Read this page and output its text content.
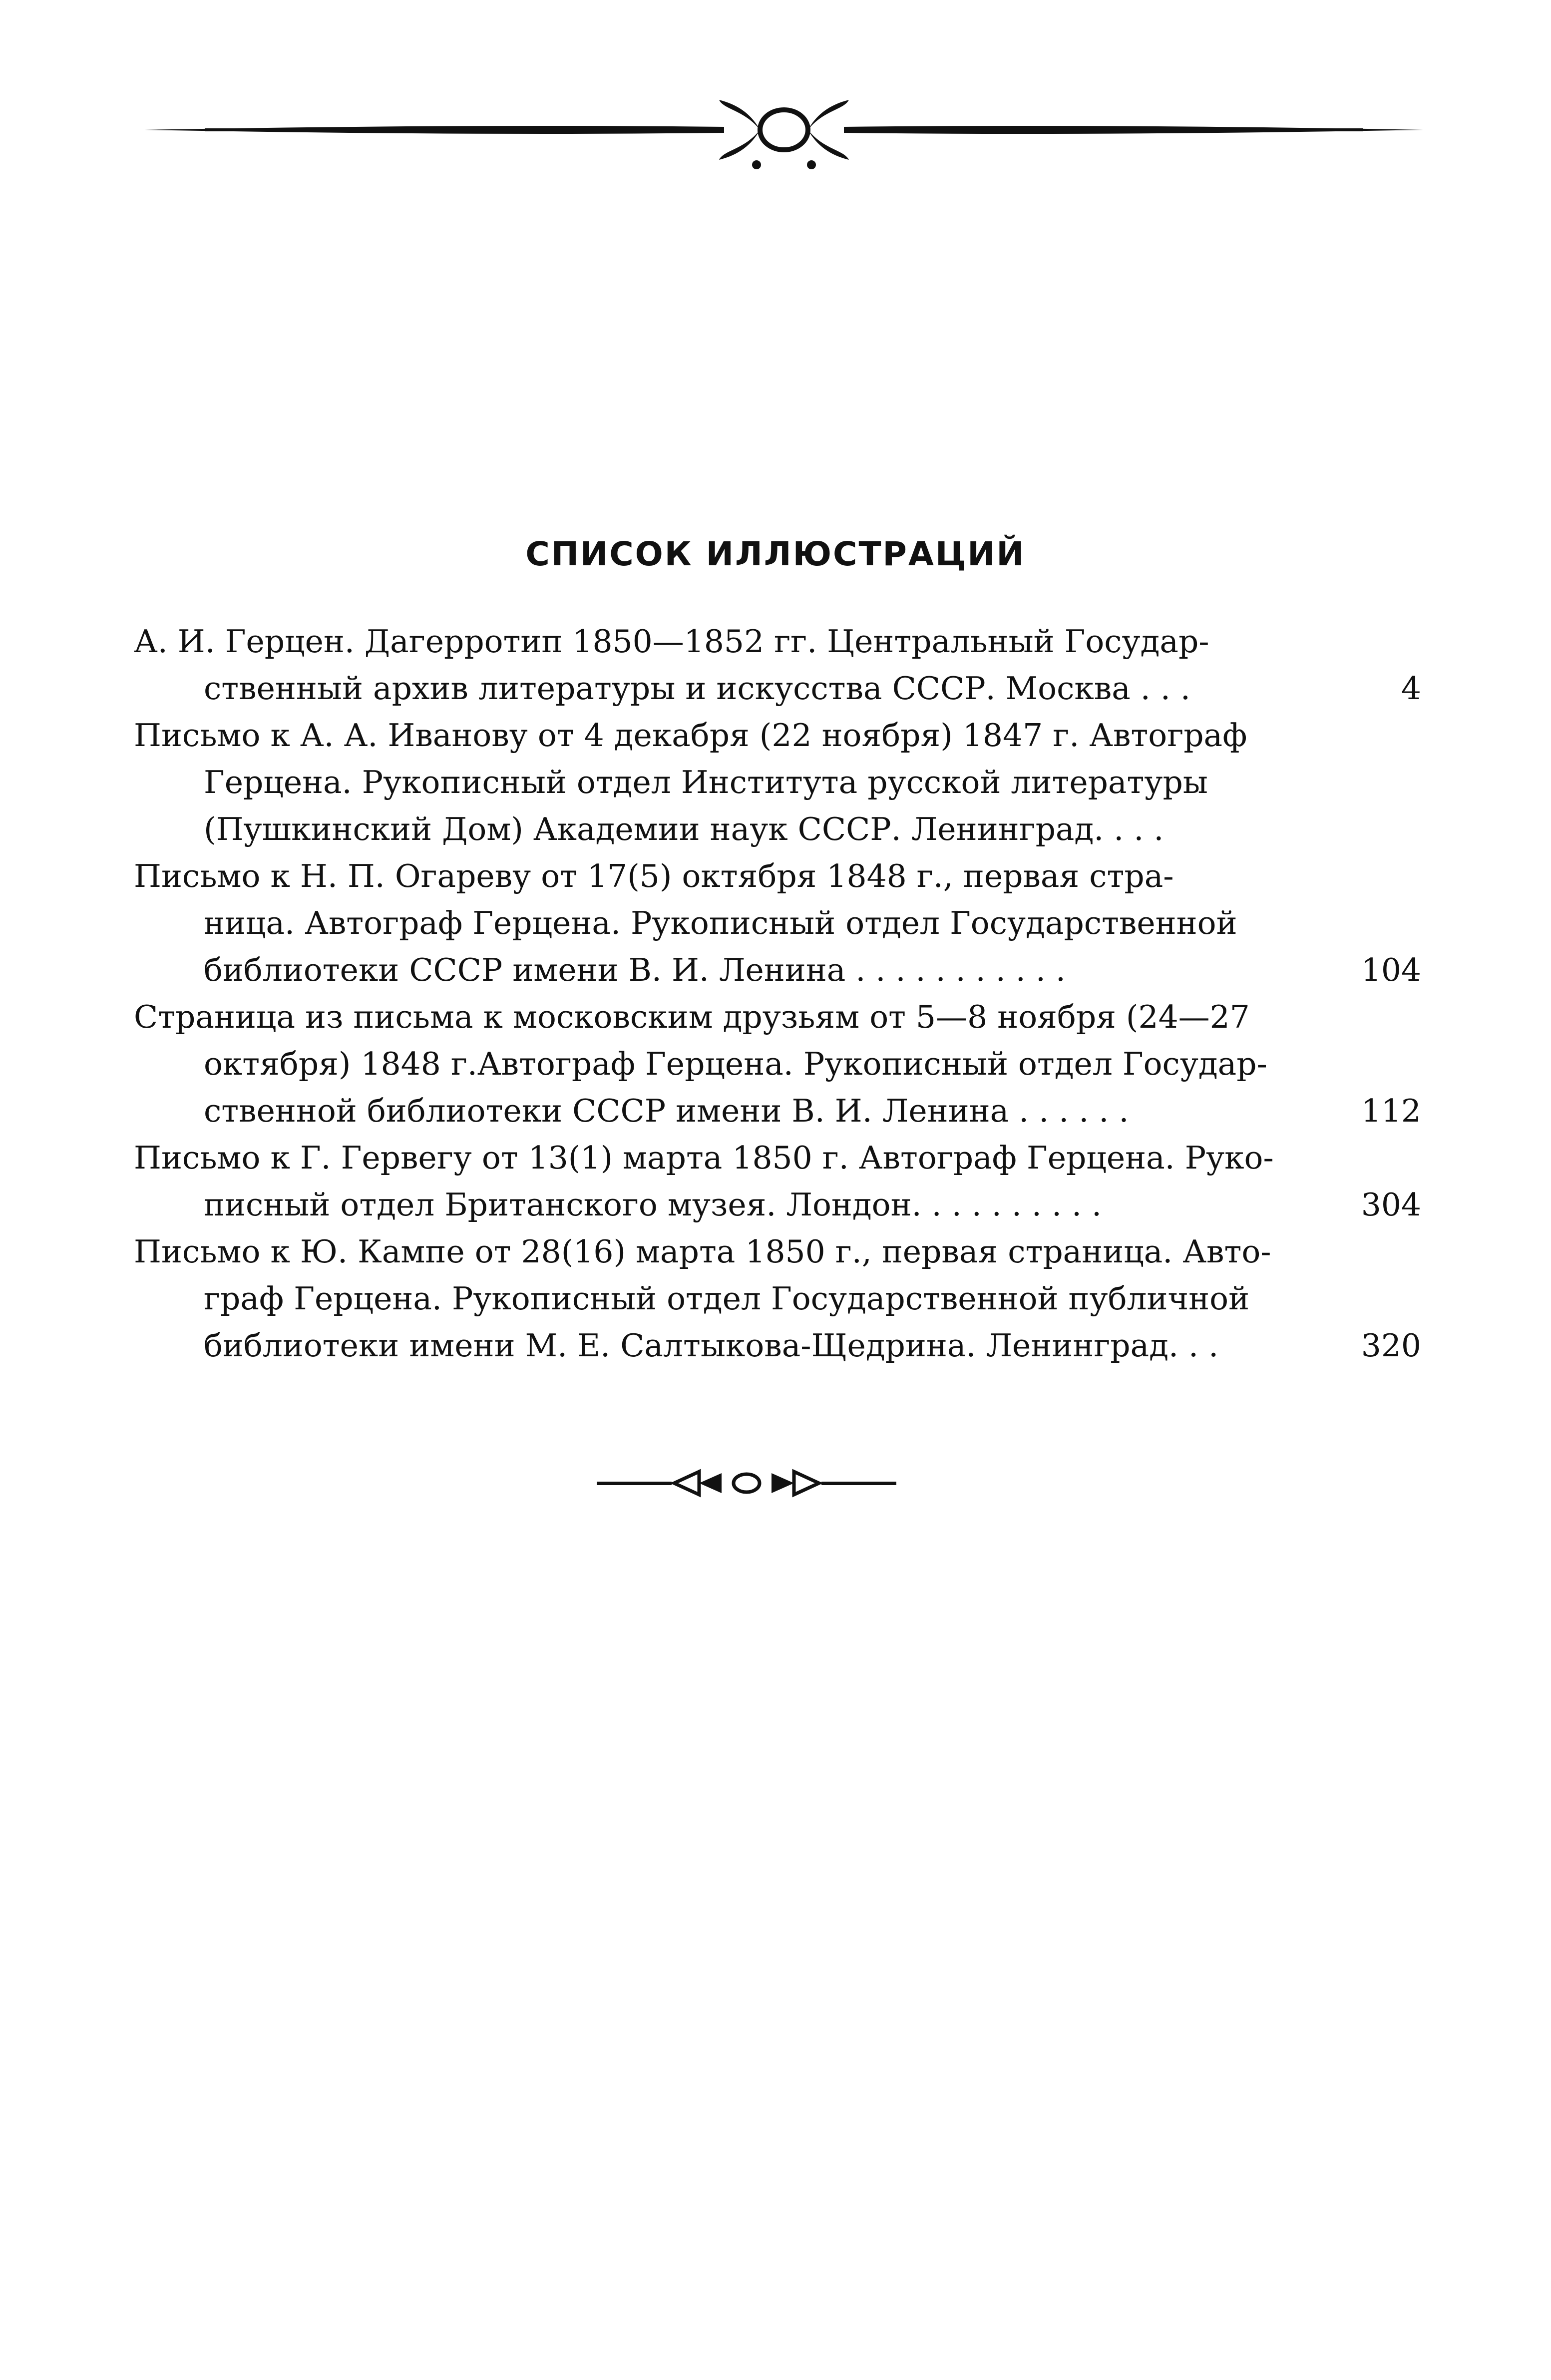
СПИСОК ИЛЛЮСТРАЦИЙ
А. И. Герцен. Дагерротип 1850—1852 гг. Центральный Государ-
ственный архив литературы и искусства СССР. Москва . . .	4
Письмо к А. А. Иванову от 4 декабря (22 ноября) 1847 г. Автограф
Герцена. Рукописный отдел Института русской литературы
(Пушкинский Дом) Академии наук СССР. Ленинград. . . .
Письмо к Н. П. Огареву от 17(5) октября 1848 г., первая стра-
ница. Автограф Герцена. Рукописный отдел Государственной
библиотеки СССР имени В. И. Ленина . . . . . . . . . . .	104
Страница из письма к московским друзьям от 5—8 ноября (24—27
октября) 1848 г.Автограф Герцена. Рукописный отдел Государ-
ственной библиотеки СССР имени В. И. Ленина . . . . . .	112
Письмо к Г. Гервегу от 13(1) марта 1850 г. Автограф Герцена. Руко-
писный отдел Британского музея. Лондон. . . . . . . . . .	304
Письмо к Ю. Кампе от 28(16) марта 1850 г., первая страница. Авто-
граф Герцена. Рукописный отдел Государственной публичной
библиотеки имени М. Е. Салтыкова-Щедрина. Ленинград. . .	320
